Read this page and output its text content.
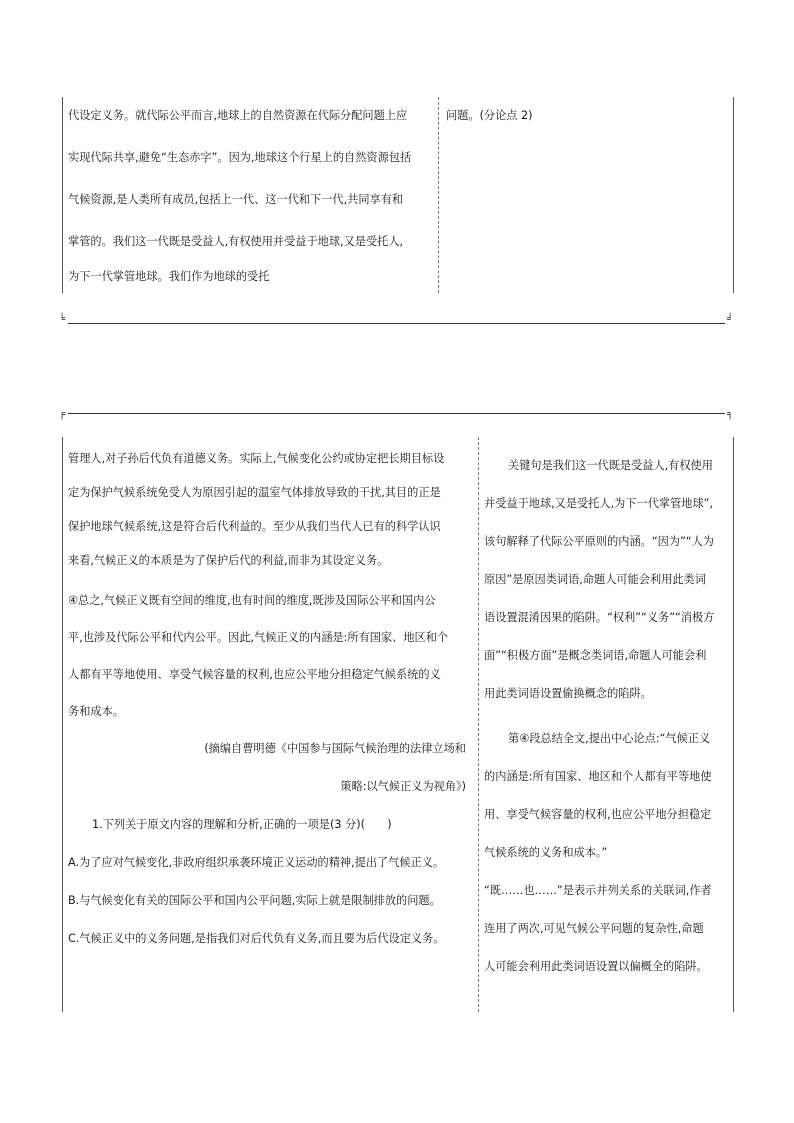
代设定义务。就代际公平而言,地球上的自然资源在代际分配问题上应
实现代际共享,避免“生态赤字”。因为,地球这个行星上的自然资源包括
气候资源,是人类所有成员,包括上一代、这一代和下一代,共同享有和
掌管的。我们这一代既是受益人,有权使用并受益于地球,又是受托人,
为下一代掌管地球。我们作为地球的受托
问题。(分论点 2)
╘	╛
╒	╕
管理人,对子孙后代负有道德义务。实际上,气候变化公约或协定把长期目标设
定为保护气候系统免受人为原因引起的温室气体排放导致的干扰,其目的正是
保护地球气候系统,这是符合后代利益的。至少从我们当代人已有的科学认识
来看,气候正义的本质是为了保护后代的利益,而非为其设定义务。
④总之,气候正义既有空间的维度,也有时间的维度,既涉及国际公平和国内公
平,也涉及代际公平和代内公平。因此,气候正义的内涵是:所有国家、地区和个
人都有平等地使用、享受气候容量的权利,也应公平地分担稳定气候系统的义
务和成本。
(摘编自曹明德《中国参与国际气候治理的法律立场和
策略:以气候正义为视角》)
1.下列关于原文内容的理解和分析,正确的一项是(3 分)(　　)
A.为了应对气候变化,非政府组织承袭环境正义运动的精神,提出了气候正义。
B.与气候变化有关的国际公平和国内公平问题,实际上就是限制排放的问题。
C.气候正义中的义务问题,是指我们对后代负有义务,而且要为后代设定义务。
关键句是我们这一代既是受益人,有权使用
并受益于地球,又是受托人,为下一代掌管地球”,
该句解释了代际公平原则的内涵。“因为”“人为
原因”是原因类词语,命题人可能会利用此类词
语设置混淆因果的陷阱。“权利”“义务”“消极方
面”“积极方面”是概念类词语,命题人可能会利
用此类词语设置偷换概念的陷阱。
第④段总结全文,提出中心论点:“气候正义
的内涵是:所有国家、地区和个人都有平等地使
用、享受气候容量的权利,也应公平地分担稳定
气候系统的义务和成本。”
“既……也……”是表示并列关系的关联词,作者
连用了两次,可见气候公平问题的复杂性,命题
人可能会利用此类词语设置以偏概全的陷阱。
